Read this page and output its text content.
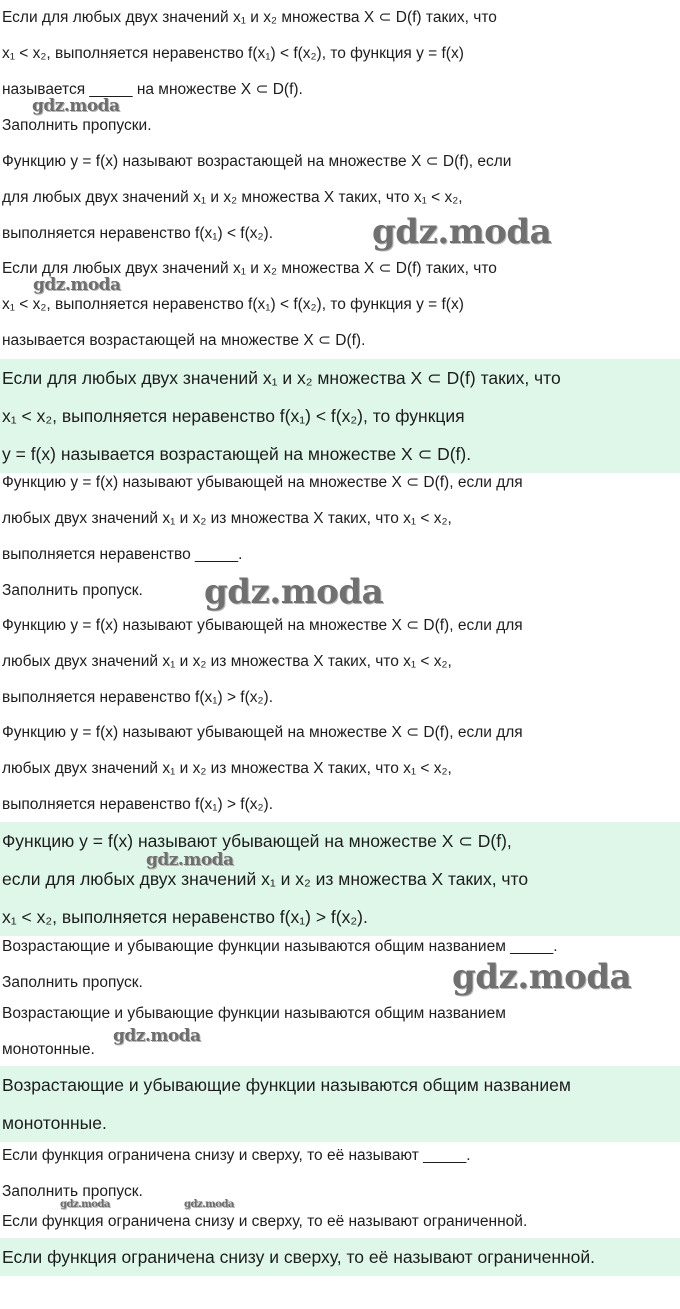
Если для любых двух значений x₁ и x₂ множества X ⊂ D(f) таких, что
x₁ < x₂, выполняется неравенство f(x₁) < f(x₂), то функция y = f(x)
называется _____ на множестве X ⊂ D(f).
Заполнить пропуски.
Функцию y = f(x) называют возрастающей на множестве X ⊂ D(f), если
для любых двух значений x₁ и x₂ множества X таких, что x₁ < x₂,
выполняется неравенство f(x₁) < f(x₂).
Если для любых двух значений x₁ и x₂ множества X ⊂ D(f) таких, что
x₁ < x₂, выполняется неравенство f(x₁) < f(x₂), то функция y = f(x)
называется возрастающей на множестве X ⊂ D(f).
Если для любых двух значений x₁ и x₂ множества X ⊂ D(f) таких, что
x₁ < x₂, выполняется неравенство f(x₁) < f(x₂), то функция
y = f(x) называется возрастающей на множестве X ⊂ D(f).
Функцию y = f(x) называют убывающей на множестве X ⊂ D(f), если для
любых двух значений x₁ и x₂ из множества X таких, что x₁ < x₂,
выполняется неравенство _____.
Заполнить пропуск.
Функцию y = f(x) называют убывающей на множестве X ⊂ D(f), если для
любых двух значений x₁ и x₂ из множества X таких, что x₁ < x₂,
выполняется неравенство f(x₁) > f(x₂).
Функцию y = f(x) называют убывающей на множестве X ⊂ D(f), если для
любых двух значений x₁ и x₂ из множества X таких, что x₁ < x₂,
выполняется неравенство f(x₁) > f(x₂).
Функцию y = f(x) называют убывающей на множестве X ⊂ D(f),
если для любых двух значений x₁ и x₂ из множества X таких, что
x₁ < x₂, выполняется неравенство f(x₁) > f(x₂).
Возрастающие и убывающие функции называются общим названием _____.
Заполнить пропуск.
Возрастающие и убывающие функции называются общим названием
монотонные.
Возрастающие и убывающие функции называются общим названием
монотонные.
Если функция ограничена снизу и сверху, то её называют _____.
Заполнить пропуск.
Если функция ограничена снизу и сверху, то её называют ограниченной.
Если функция ограничена снизу и сверху, то её называют ограниченной.
gdz.moda
gdz.moda
gdz.moda
gdz.moda
gdz.moda
gdz.moda
gdz.moda
gdz.moda	gdz.moda
